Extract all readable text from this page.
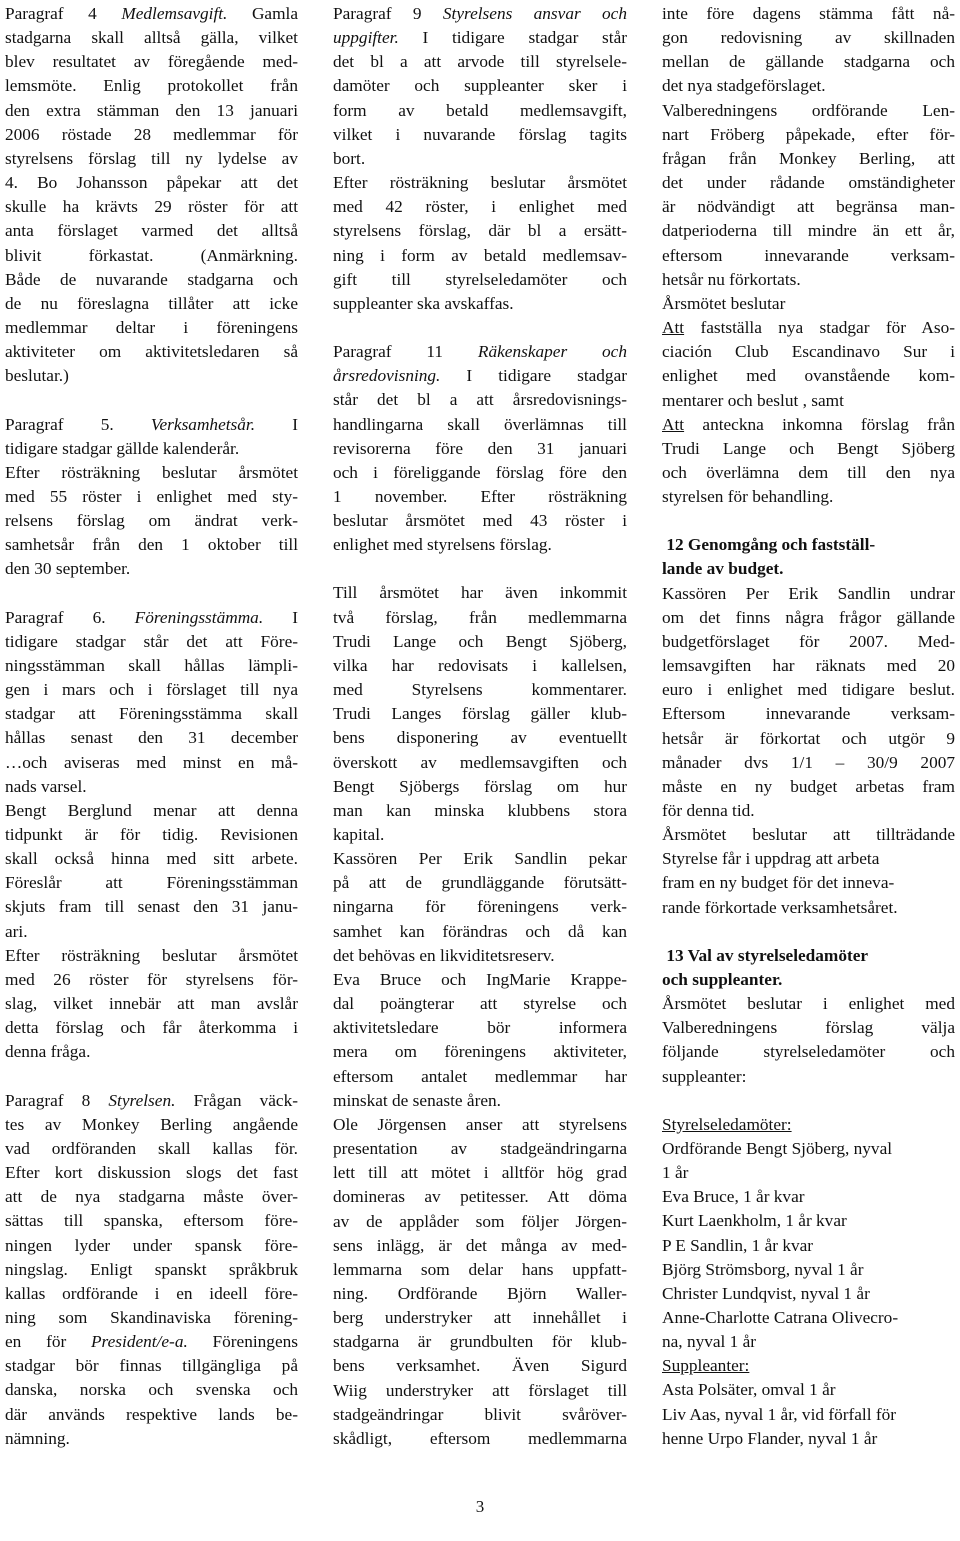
Paragraf 4 Medlemsavgift. Gamla
stadgarna skall alltså gälla, vilket
blev resultatet av föregående med-
lemsmöte. Enlig protokollet från
den extra stämman den 13 januari
2006 röstade 28 medlemmar för
styrelsens förslag till ny lydelse av
4. Bo Johansson påpekar att det
skulle ha krävts 29 röster för att
anta förslaget varmed det alltså
blivit förkastat. (Anmärkning.
Både de nuvarande stadgarna och
de nu föreslagna tillåter att icke
medlemmar deltar i föreningens
aktiviteter om aktivitetsledaren så
beslutar.)
Paragraf 5. Verksamhetsår. I
tidigare stadgar gällde kalenderår.
Efter rösträkning beslutar årsmötet
med 55 röster i enlighet med sty-
relsens förslag om ändrat verk-
samhetsår från den 1 oktober till
den 30 september.
Paragraf 6. Föreningsstämma. I
tidigare stadgar står det att Före-
ningsstämman skall hållas lämpli-
gen i mars och i förslaget till nya
stadgar att Föreningsstämma skall
hållas senast den 31 december
…och aviseras med minst en må-
nads varsel.
Bengt Berglund menar att denna
tidpunkt är för tidig. Revisionen
skall också hinna med sitt arbete.
Föreslår att Föreningsstämman
skjuts fram till senast den 31 janu-
ari.
Efter rösträkning beslutar årsmötet
med 26 röster för styrelsens för-
slag, vilket innebär att man avslår
detta förslag och får återkomma i
denna fråga.
Paragraf 8 Styrelsen. Frågan väck-
tes av Monkey Berling angående
vad ordföranden skall kallas för.
Efter kort diskussion slogs det fast
att de nya stadgarna måste över-
sättas till spanska, eftersom före-
ningen lyder under spansk före-
ningslag. Enligt spanskt språkbruk
kallas ordförande i en ideell före-
ning som Skandinaviska förening-
en för President/e-a. Föreningens
stadgar bör finnas tillgängliga på
danska, norska och svenska och
där används respektive lands be-
nämning.
Paragraf 9 Styrelsens ansvar och
uppgifter. I tidigare stadgar står
det bl a att arvode till styrelsele-
damöter och suppleanter sker i
form av betald medlemsavgift,
vilket i nuvarande förslag tagits
bort.
Efter rösträkning beslutar årsmötet
med 42 röster, i enlighet med
styrelsens förslag, där bl a ersätt-
ning i form av betald medlemsav-
gift till styrelseledamöter och
suppleanter ska avskaffas.
Paragraf 11 Räkenskaper och
årsredovisning. I tidigare stadgar
står det bl a att årsredovisnings-
handlingarna skall överlämnas till
revisorerna före den 31 januari
och i föreliggande förslag före den
1 november. Efter rösträkning
beslutar årsmötet med 43 röster i
enlighet med styrelsens förslag.
Till årsmötet har även inkommit
två förslag, från medlemmarna
Trudi Lange och Bengt Sjöberg,
vilka har redovisats i kallelsen,
med Styrelsens kommentarer.
Trudi Langes förslag gäller klub-
bens disponering av eventuellt
överskott av medlemsavgiften och
Bengt Sjöbergs förslag om hur
man kan minska klubbens stora
kapital.
Kassören Per Erik Sandlin pekar
på att de grundläggande förutsätt-
ningarna för föreningens verk-
samhet kan förändras och då kan
det behövas en likviditetsreserv.
Eva Bruce och IngMarie Krappe-
dal poängterar att styrelse och
aktivitetsledare bör informera
mera om föreningens aktiviteter,
eftersom antalet medlemmar har
minskat de senaste åren.
Ole Jörgensen anser att styrelsens
presentation av stadgeändringarna
lett till att mötet i alltför hög grad
domineras av petitesser. Att döma
av de applåder som följer Jörgen-
sens inlägg, är det många av med-
lemmarna som delar hans uppfatt-
ning. Ordförande Björn Waller-
berg understryker att innehållet i
stadgarna är grundbulten för klub-
bens verksamhet. Även Sigurd
Wiig understryker att förslaget till
stadgeändringar blivit svåröver-
skådligt, eftersom medlemmarna
inte före dagens stämma fått nå-
gon redovisning av skillnaden
mellan de gällande stadgarna och
det nya stadgeförslaget.
Valberedningens ordförande Len-
nart Fröberg påpekade, efter för-
frågan från Monkey Berling, att
det under rådande omständigheter
är nödvändigt att begränsa man-
datperioderna till mindre än ett år,
eftersom innevarande verksam-
hetsår nu förkortats.
Årsmötet beslutar
Att fastställa nya stadgar för Aso-
ciación Club Escandinavo Sur i
enlighet med ovanstående kom-
mentarer och beslut , samt
Att anteckna inkomna förslag från
Trudi Lange och Bengt Sjöberg
och överlämna dem till den nya
styrelsen för behandling.
12 Genomgång och fastställ-
lande av budget.
Kassören Per Erik Sandlin undrar
om det finns några frågor gällande
budgetförslaget för 2007. Med-
lemsavgiften har räknats med 20
euro i enlighet med tidigare beslut.
Eftersom innevarande verksam-
hetsår är förkortat och utgör 9
månader dvs 1/1 – 30/9 2007
måste en ny budget arbetas fram
för denna tid.
Årsmötet beslutar att tillträdande
Styrelse får i uppdrag att arbeta
fram en ny budget för det inneva-
rande förkortade verksamhetsåret.
13 Val av styrelseledamöter
och suppleanter.
Årsmötet beslutar i enlighet med
Valberedningens förslag välja
följande styrelseledamöter och
suppleanter:
Styrelseledamöter:
Ordförande Bengt Sjöberg, nyval
1 år
Eva Bruce, 1 år kvar
Kurt Laenkholm, 1 år kvar
P E Sandlin, 1 år kvar
Björg Strömsborg, nyval 1 år
Christer Lundqvist, nyval 1 år
Anne-Charlotte Catrana Olivecro-
na, nyval 1 år
Suppleanter:
Asta Polsäter, omval 1 år
Liv Aas, nyval 1 år, vid förfall för
henne Urpo Flander, nyval 1 år
3
